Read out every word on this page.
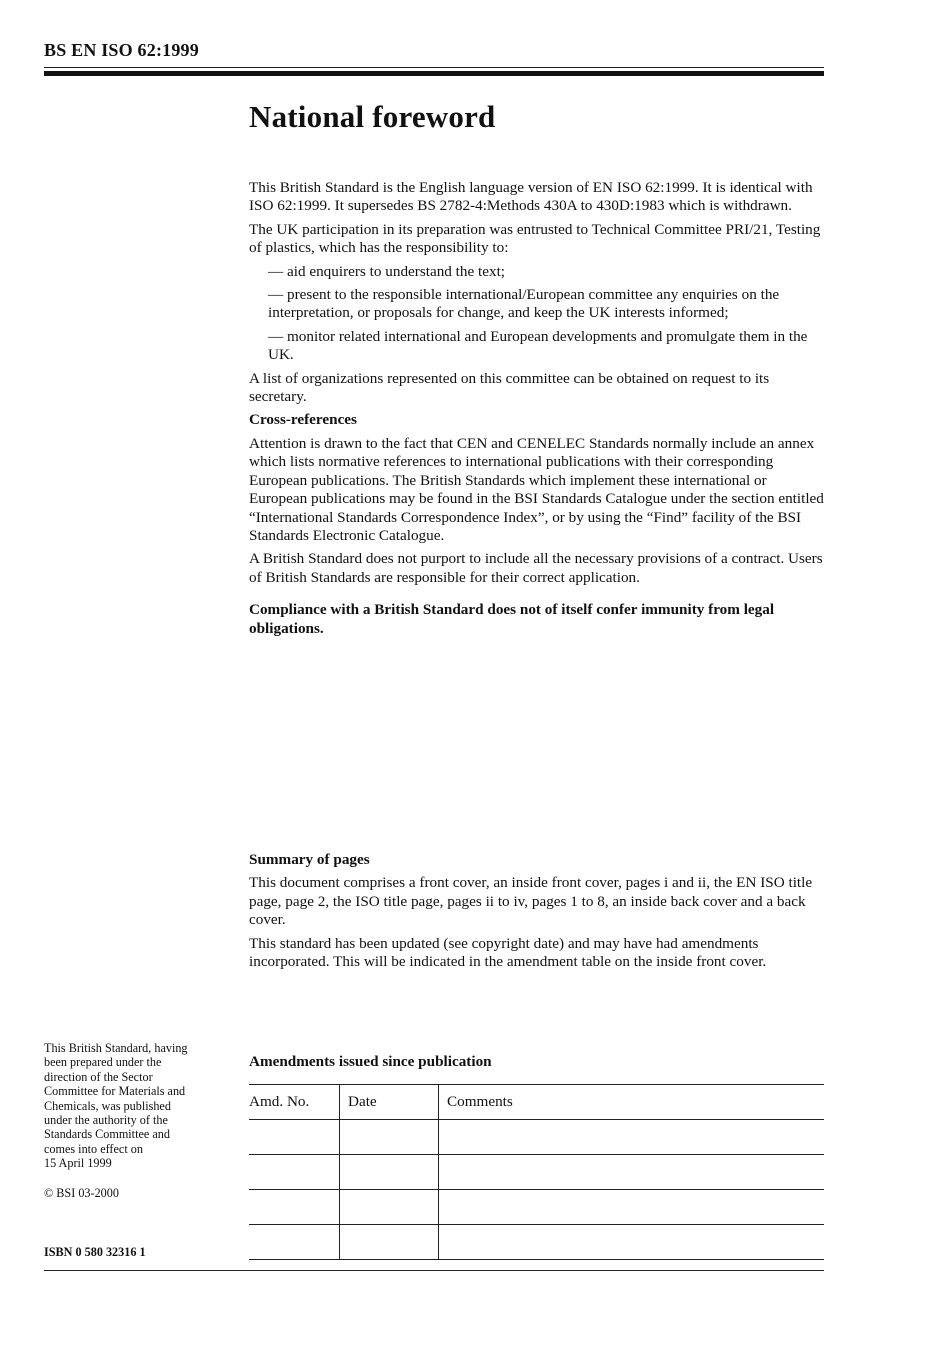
BS EN ISO 62:1999
National foreword

This British Standard is the English language version of EN ISO 62:1999. It is identical with ISO 62:1999. It supersedes BS 2782-4:Methods 430A to 430D:1983 which is withdrawn.

The UK participation in its preparation was entrusted to Technical Committee PRI/21, Testing of plastics, which has the responsibility to:

— aid enquirers to understand the text;

— present to the responsible international/European committee any enquiries on the interpretation, or proposals for change, and keep the UK interests informed;

— monitor related international and European developments and promulgate them in the UK.

A list of organizations represented on this committee can be obtained on request to its secretary.

Cross-references

Attention is drawn to the fact that CEN and CENELEC Standards normally include an annex which lists normative references to international publications with their corresponding European publications. The British Standards which implement these international or European publications may be found in the BSI Standards Catalogue under the section entitled “International Standards Correspondence Index”, or by using the “Find” facility of the BSI Standards Electronic Catalogue.

A British Standard does not purport to include all the necessary provisions of a contract. Users of British Standards are responsible for their correct application.

Compliance with a British Standard does not of itself confer immunity from legal obligations.

Summary of pages

This document comprises a front cover, an inside front cover, pages i and ii, the EN ISO title page, page 2, the ISO title page, pages ii to iv, pages 1 to 8, an inside back cover and a back cover.

This standard has been updated (see copyright date) and may have had amendments incorporated. This will be indicated in the amendment table on the inside front cover.

This British Standard, having
been prepared under the
direction of the Sector
Committee for Materials and
Chemicals, was published
under the authority of the
Standards Committee and
comes into effect on
15 April 1999
© BSI 03-2000
ISBN 0 580 32316 1
Amendments issued since publication
Amd. No.	Date	Comments
